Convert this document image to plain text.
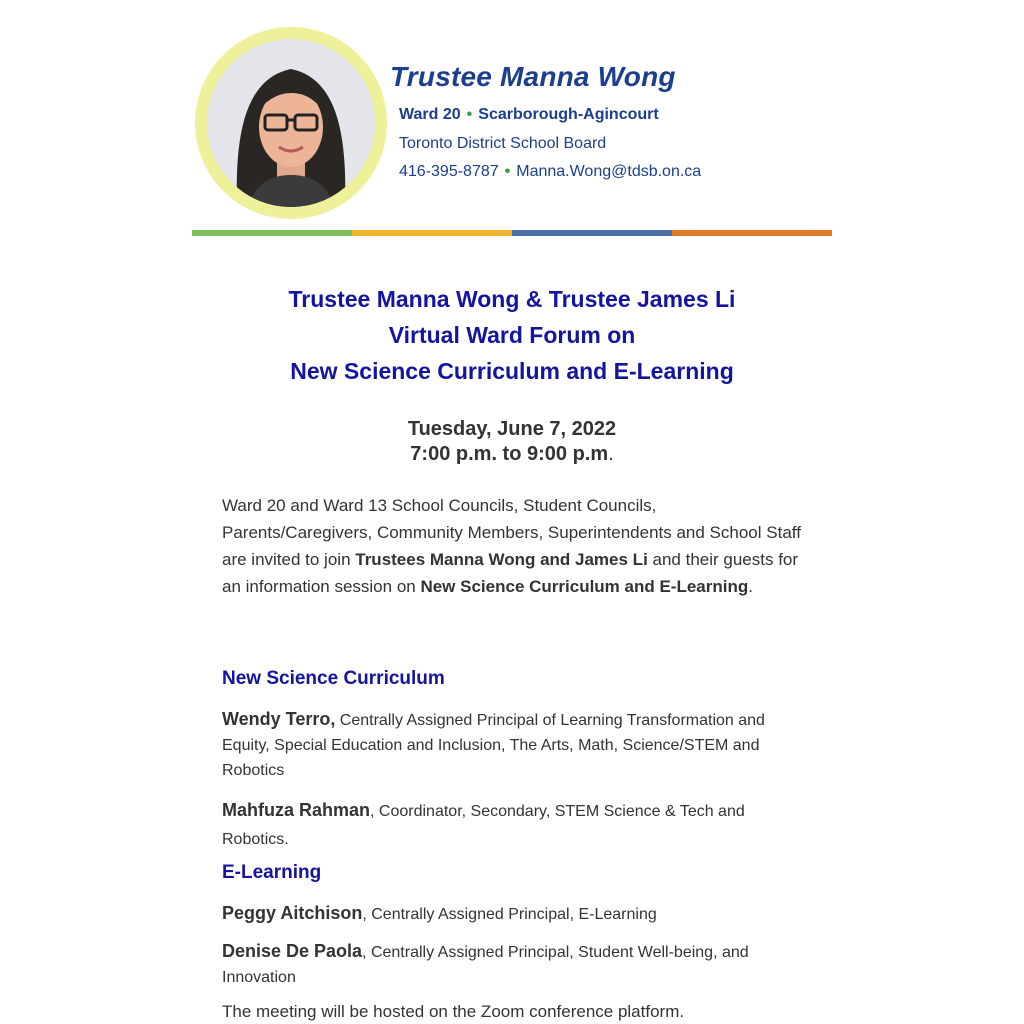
Trustee Manna Wong
Ward 20 • Scarborough-Agincourt
Toronto District School Board
416-395-8787 • Manna.Wong@tdsb.on.ca
Trustee Manna Wong & Trustee James Li
Virtual Ward Forum on
New Science Curriculum and E-Learning
Tuesday, June 7, 2022
7:00 p.m. to 9:00 p.m.
Ward 20 and Ward 13 School Councils, Student Councils, Parents/Caregivers, Community Members, Superintendents and School Staff are invited to join Trustees Manna Wong and James Li and their guests for an information session on New Science Curriculum and E-Learning.
New Science Curriculum
Wendy Terro, Centrally Assigned Principal of Learning Transformation and Equity, Special Education and Inclusion, The Arts, Math, Science/STEM and Robotics
Mahfuza Rahman, Coordinator, Secondary, STEM Science & Tech and Robotics.
E-Learning
Peggy Aitchison, Centrally Assigned Principal, E-Learning
Denise De Paola, Centrally Assigned Principal, Student Well-being, and Innovation
The meeting will be hosted on the Zoom conference platform.
